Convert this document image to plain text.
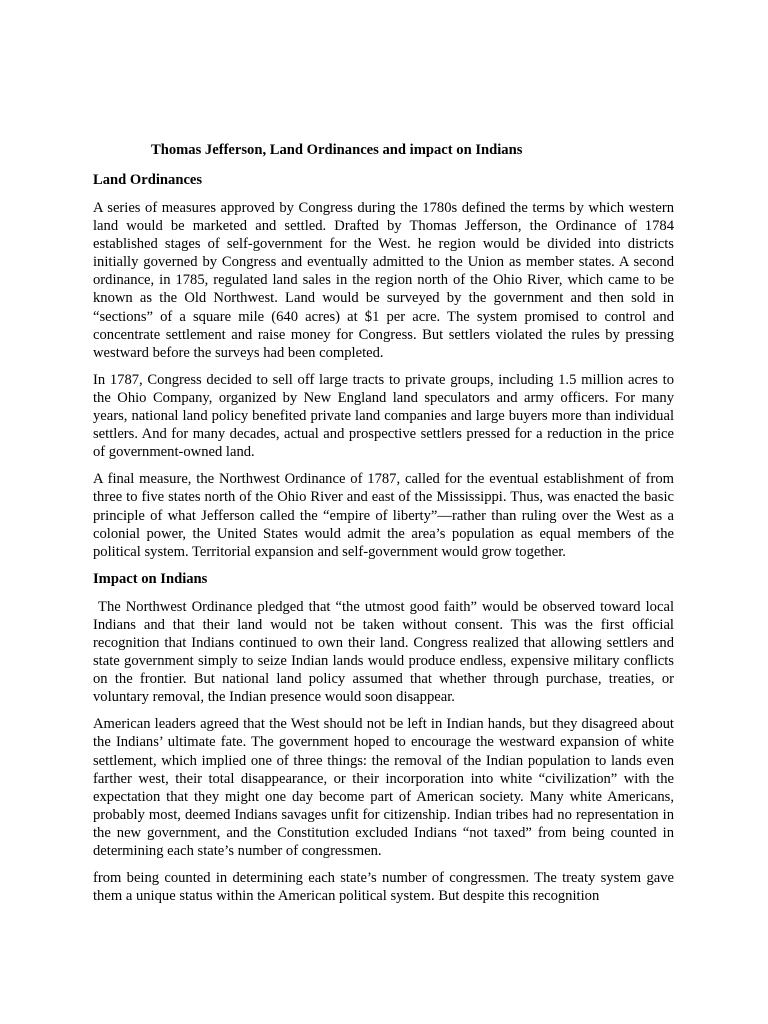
Thomas Jefferson, Land Ordinances and impact on Indians
Land Ordinances

A series of measures approved by Congress during the 1780s defined the terms by which western land would be marketed and settled. Drafted by Thomas Jefferson, the Ordinance of 1784 established stages of self-government for the West. he region would be divided into districts initially governed by Congress and eventually admitted to the Union as member states. A second ordinance, in 1785, regulated land sales in the region north of the Ohio River, which came to be known as the Old Northwest. Land would be surveyed by the government and then sold in “sections” of a square mile (640 acres) at $1 per acre. The system promised to control and concentrate settlement and raise money for Congress. But settlers violated the rules by pressing westward before the surveys had been completed.

In 1787, Congress decided to sell off large tracts to private groups, including 1.5 million acres to the Ohio Company, organized by New England land speculators and army officers. For many years, national land policy benefited private land companies and large buyers more than individual settlers. And for many decades, actual and prospective settlers pressed for a reduction in the price of government-owned land.

A final measure, the Northwest Ordinance of 1787, called for the eventual establishment of from three to five states north of the Ohio River and east of the Mississippi. Thus, was enacted the basic principle of what Jefferson called the “empire of liberty”—rather than ruling over the West as a colonial power, the United States would admit the area’s population as equal members of the political system. Territorial expansion and self-government would grow together.

Impact on Indians

The Northwest Ordinance pledged that “the utmost good faith” would be observed toward local Indians and that their land would not be taken without consent. This was the first official recognition that Indians continued to own their land. Congress realized that allowing settlers and state government simply to seize Indian lands would produce endless, expensive military conflicts on the frontier. But national land policy assumed that whether through purchase, treaties, or voluntary removal, the Indian presence would soon disappear.

American leaders agreed that the West should not be left in Indian hands, but they disagreed about the Indians’ ultimate fate. The government hoped to encourage the westward expansion of white settlement, which implied one of three things: the removal of the Indian population to lands even farther west, their total disappearance, or their incorporation into white “civilization” with the expectation that they might one day become part of American society. Many white Americans, probably most, deemed Indians savages unfit for citizenship. Indian tribes had no representation in the new government, and the Constitution excluded Indians “not taxed” from being counted in determining each state’s number of congressmen.

from being counted in determining each state’s number of congressmen. The treaty system gave them a unique status within the American political system. But despite this recognition
